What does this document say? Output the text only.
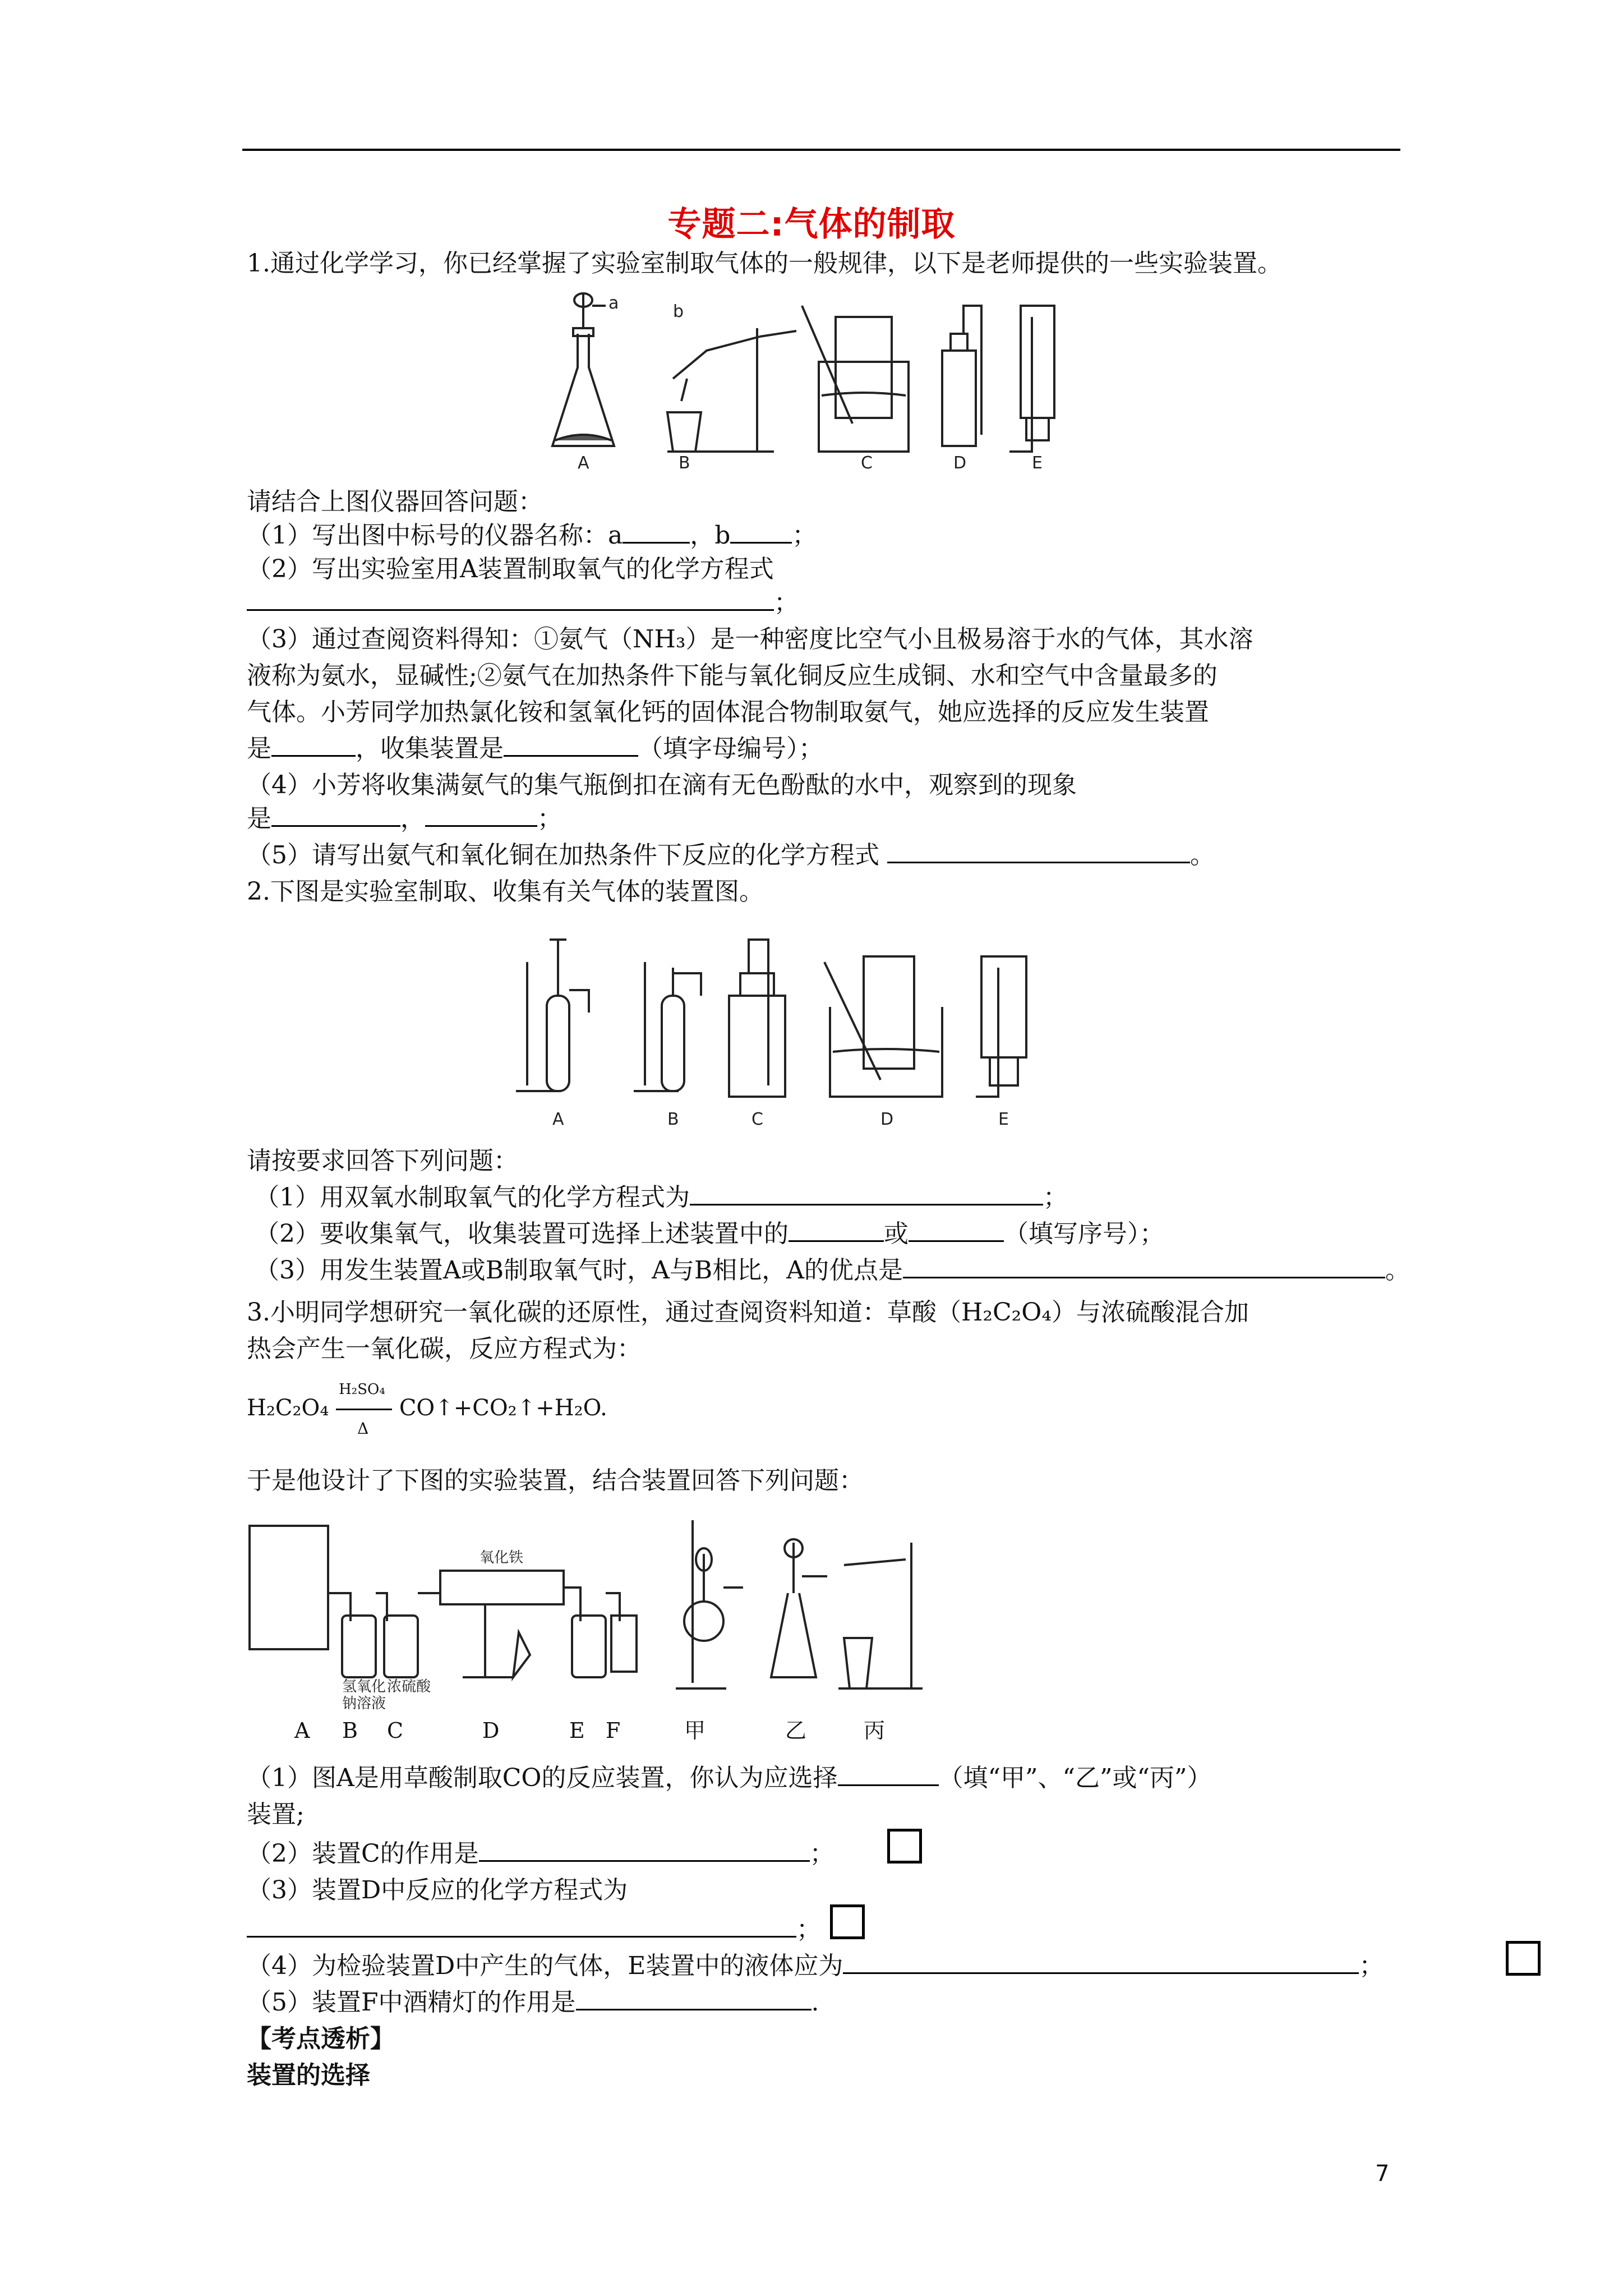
专题二:气体的制取
1.通过化学学习，你已经掌握了实验室制取气体的一般规律，以下是老师提供的一些实验装置。
a	b
A	B	C	D	E
请结合上图仪器回答问题：
（1）写出图中标号的仪器名称：a	，b	；
（2）写出实验室用A装置制取氧气的化学方程式
；
（3）通过查阅资料得知：①氨气（NH₃）是一种密度比空气小且极易溶于水的气体，其水溶
液称为氨水，显碱性;②氨气在加热条件下能与氧化铜反应生成铜、水和空气中含量最多的
气体。小芳同学加热氯化铵和氢氧化钙的固体混合物制取氨气，她应选择的反应发生装置
是	，收集装置是	（填字母编号）；
（4）小芳将收集满氨气的集气瓶倒扣在滴有无色酚酞的水中，观察到的现象
是	，	；
（5）请写出氨气和氧化铜在加热条件下反应的化学方程式	。
2.下图是实验室制取、收集有关气体的装置图。
A	B	C	D	E
请按要求回答下列问题：
（1）用双氧水制取氧气的化学方程式为	；
（2）要收集氧气，收集装置可选择上述装置中的	或	（填写序号）；
（3）用发生装置A或B制取氧气时，A与B相比，A的优点是	。
3.小明同学想研究一氧化碳的还原性，通过查阅资料知道：草酸（H₂C₂O₄）与浓硫酸混合加
热会产生一氧化碳，反应方程式为：
$H_2C_2O_4 \frac{\text{H₂SO₄}}{\Delta}$ CO↑+CO₂↑+H₂O.
于是他设计了下图的实验装置，结合装置回答下列问题：
氧化铁
氢氧化
钠溶液
浓硫酸
A B C	D	E F	甲	乙	丙
（1）图A是用草酸制取CO的反应装置，你认为应选择	（填“甲”、“乙”或“丙”）
装置;
（2）装置C的作用是	；
（3）装置D中反应的化学方程式为
；
（4）为检验装置D中产生的气体，E装置中的液体应为	；
（5）装置F中酒精灯的作用是	.
【考点透析】
装置的选择
7
